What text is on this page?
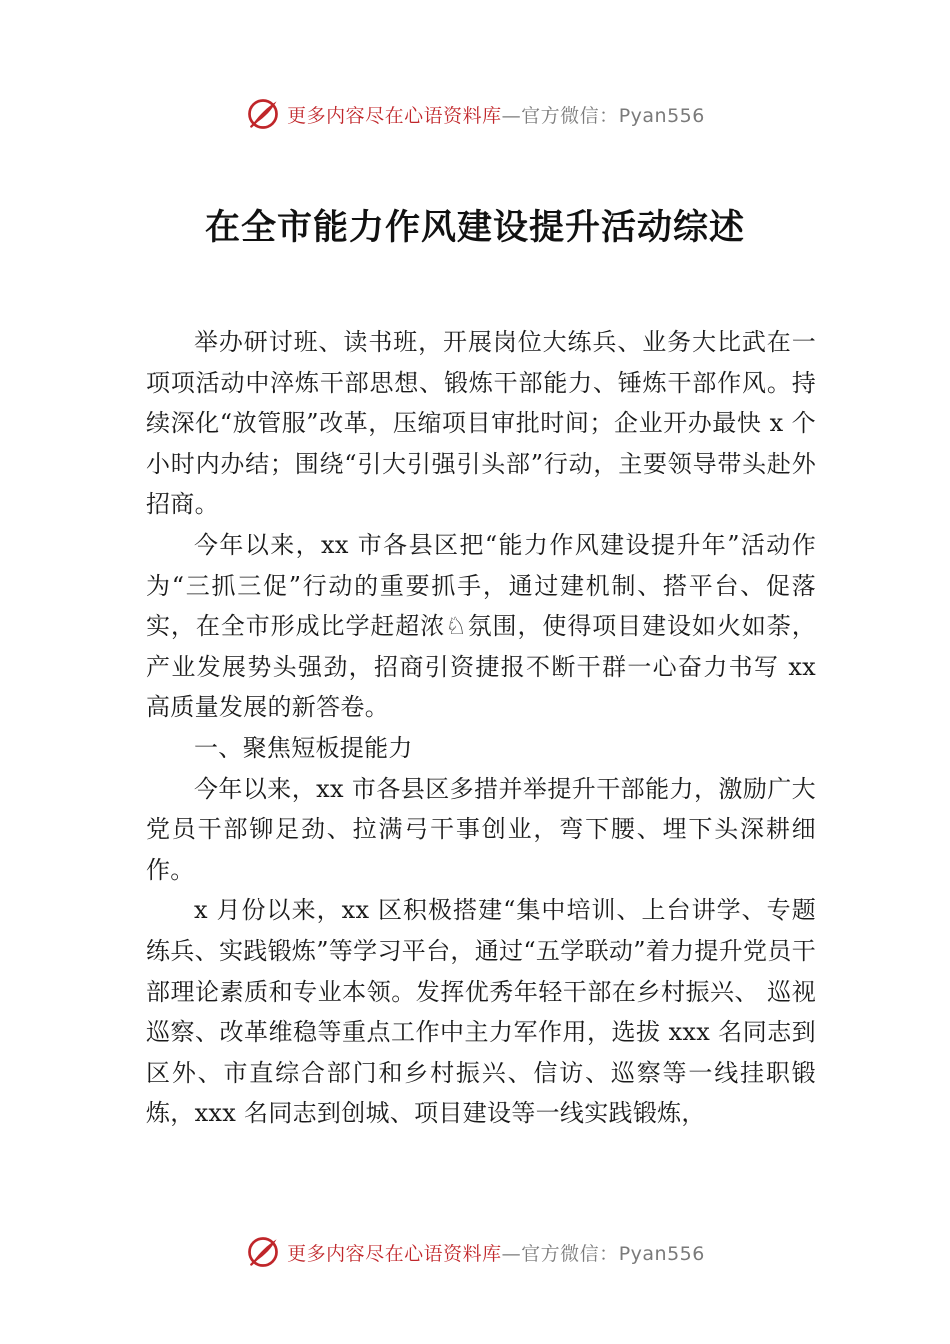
更多内容尽在心语资料库—官方微信：Pyan556
在全市能力作风建设提升活动综述

举办研讨班、读书班，开展岗位大练兵、业务大比武在一项项活动中淬炼干部思想、锻炼干部能力、锤炼干部作风。持续深化“放管服”改革，压缩项目审批时间；企业开办最快 x 个小时内办结；围绕“引大引强引头部”行动，主要领导带头赴外招商。

今年以来，xx 市各县区把“能力作风建设提升年”活动作为“三抓三促”行动的重要抓手，通过建机制、搭平台、促落实，在全市形成比学赶超浓♘氛围，使得项目建设如火如荼，产业发展势头强劲，招商引资捷报不断干群一心奋力书写 xx 高质量发展的新答卷。

一、聚焦短板提能力

今年以来，xx 市各县区多措并举提升干部能力，激励广大党员干部铆足劲、拉满弓干事创业，弯下腰、埋下头深耕细作。

x 月份以来，xx 区积极搭建“集中培训、上台讲学、专题练兵、实践锻炼”等学习平台，通过“五学联动”着力提升党员干部理论素质和专业本领。发挥优秀年轻干部在乡村振兴、 巡视巡察、改革维稳等重点工作中主力军作用，选拔 xxx 名同志到区外、市直综合部门和乡村振兴、信访、巡察等一线挂职锻炼，xxx 名同志到创城、项目建设等一线实践锻炼，

更多内容尽在心语资料库—官方微信：Pyan556
